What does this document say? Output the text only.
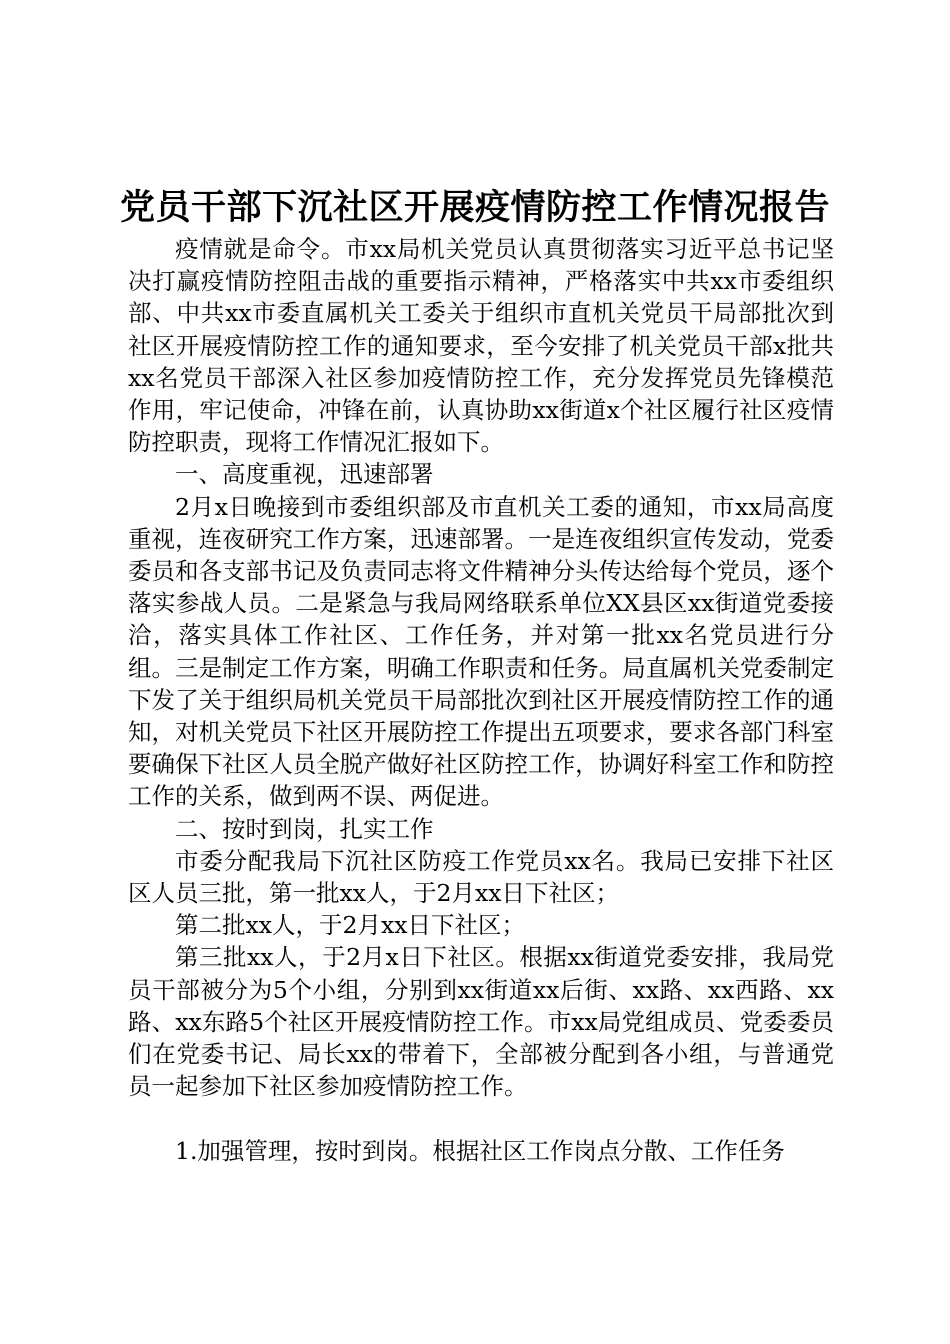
党员干部下沉社区开展疫情防控工作情况报告

疫情就是命令。市xx局机关党员认真贯彻落实习近平总书记坚决打赢疫情防控阻击战的重要指示精神，严格落实中共xx市委组织部、中共xx市委直属机关工委关于组织市直机关党员干局部批次到社区开展疫情防控工作的通知要求，至今安排了机关党员干部x批共xx名党员干部深入社区参加疫情防控工作，充分发挥党员先锋模范作用，牢记使命，冲锋在前，认真协助xx街道x个社区履行社区疫情防控职责，现将工作情况汇报如下。

一、高度重视，迅速部署

2月x日晚接到市委组织部及市直机关工委的通知，市xx局高度重视，连夜研究工作方案，迅速部署。一是连夜组织宣传发动，党委委员和各支部书记及负责同志将文件精神分头传达给每个党员，逐个落实参战人员。二是紧急与我局网络联系单位XX县区xx街道党委接洽，落实具体工作社区、工作任务，并对第一批xx名党员进行分组。三是制定工作方案，明确工作职责和任务。局直属机关党委制定下发了关于组织局机关党员干局部批次到社区开展疫情防控工作的通知，对机关党员下社区开展防控工作提出五项要求，要求各部门科室要确保下社区人员全脱产做好社区防控工作，协调好科室工作和防控工作的关系，做到两不误、两促进。

二、按时到岗，扎实工作

市委分配我局下沉社区防疫工作党员xx名。我局已安排下社区区人员三批，第一批xx人，于2月xx日下社区；

第二批xx人，于2月xx日下社区；

第三批xx人，于2月x日下社区。根据xx街道党委安排，我局党员干部被分为5个小组，分别到xx街道xx后街、xx路、xx西路、xx路、xx东路5个社区开展疫情防控工作。市xx局党组成员、党委委员们在党委书记、局长xx的带着下，全部被分配到各小组，与普通党员一起参加下社区参加疫情防控工作。

1.加强管理，按时到岗。根据社区工作岗点分散、工作任务
